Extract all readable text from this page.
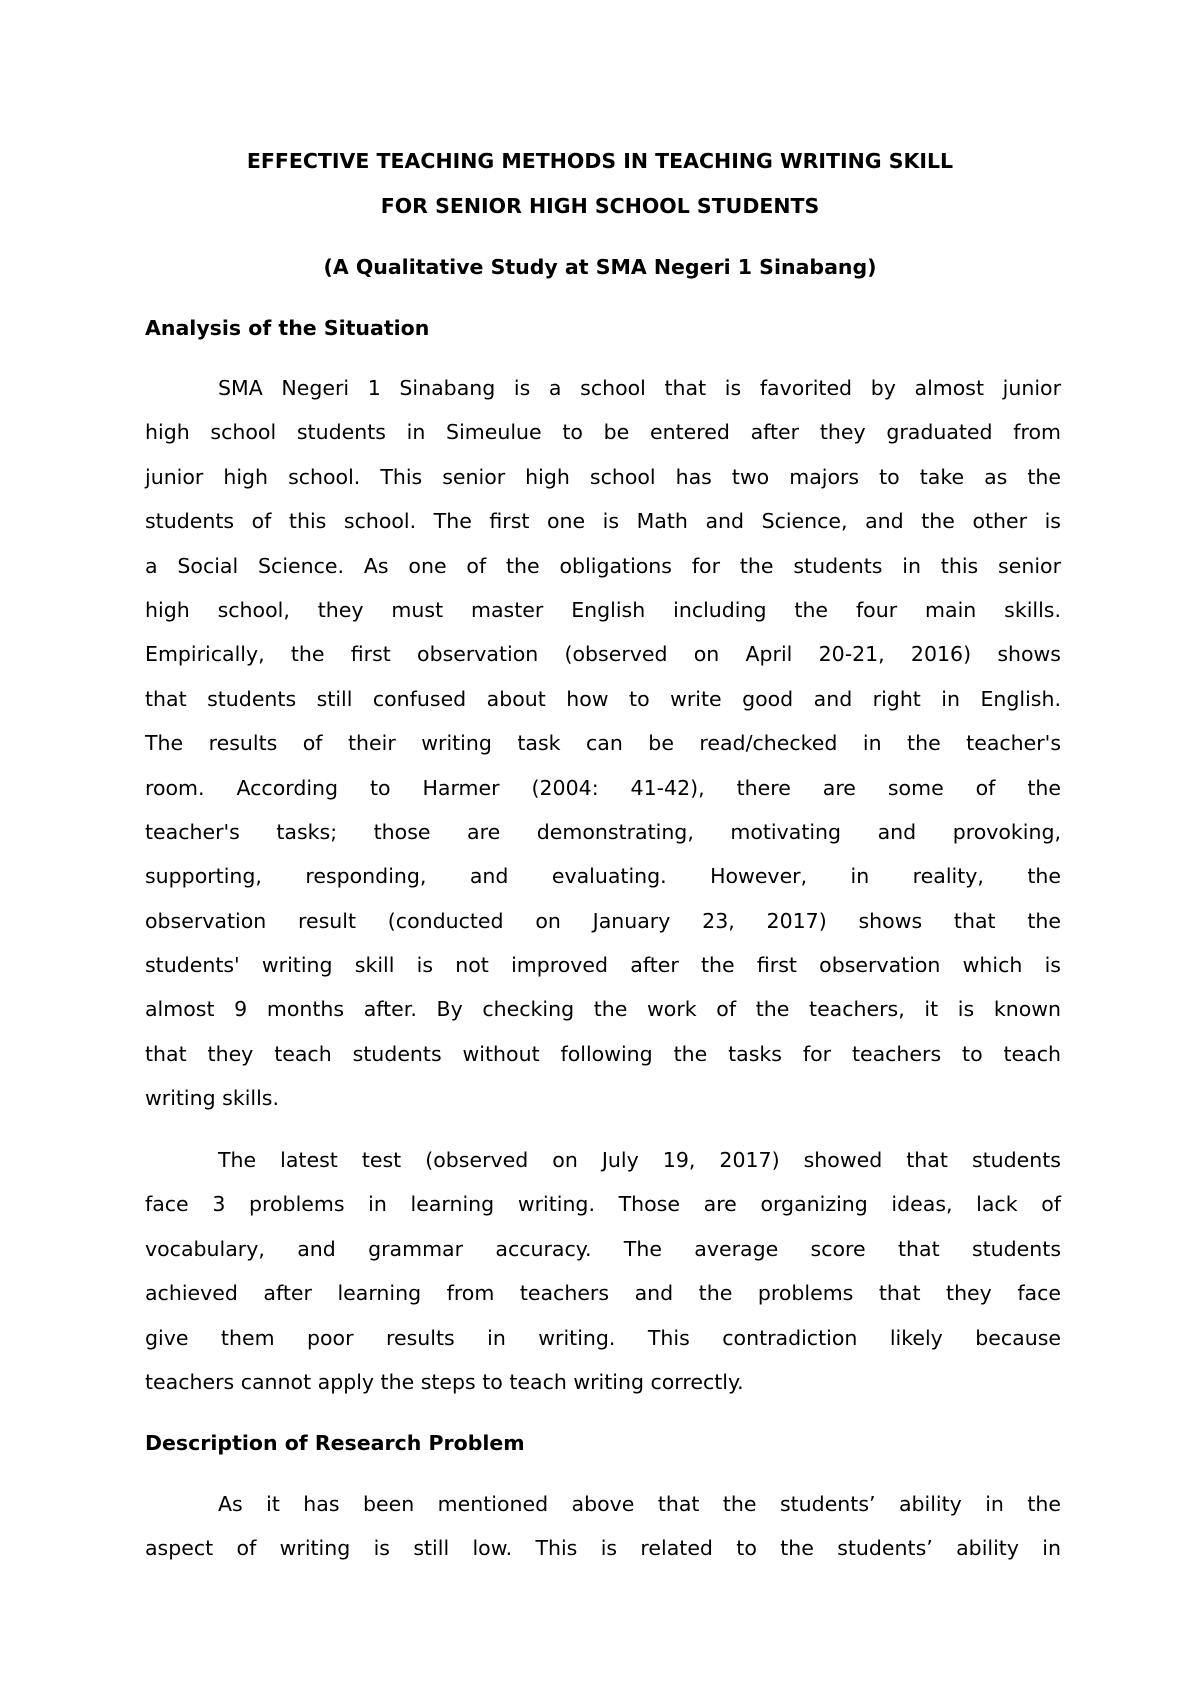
EFFECTIVE TEACHING METHODS IN TEACHING WRITING SKILL
FOR SENIOR HIGH SCHOOL STUDENTS
(A Qualitative Study at SMA Negeri 1 Sinabang)
Analysis of the Situation
SMA Negeri 1 Sinabang is a school that is favorited by almost junior
high school students in Simeulue to be entered after they graduated from
junior high school. This senior high school has two majors to take as the
students of this school. The first one is Math and Science, and the other is
a Social Science. As one of the obligations for the students in this senior
high school, they must master English including the four main skills.
Empirically, the first observation (observed on April 20-21, 2016) shows
that students still confused about how to write good and right in English.
The results of their writing task can be read/checked in the teacher's
room. According to Harmer (2004: 41-42), there are some of the
teacher's tasks; those are demonstrating, motivating and provoking,
supporting, responding, and evaluating. However, in reality, the
observation result (conducted on January 23, 2017) shows that the
students' writing skill is not improved after the first observation which is
almost 9 months after. By checking the work of the teachers, it is known
that they teach students without following the tasks for teachers to teach
writing skills.
The latest test (observed on July 19, 2017) showed that students
face 3 problems in learning writing. Those are organizing ideas, lack of
vocabulary, and grammar accuracy. The average score that students
achieved after learning from teachers and the problems that they face
give them poor results in writing. This contradiction likely because
teachers cannot apply the steps to teach writing correctly.
Description of Research Problem
As it has been mentioned above that the students’ ability in the
aspect of writing is still low. This is related to the students’ ability in
